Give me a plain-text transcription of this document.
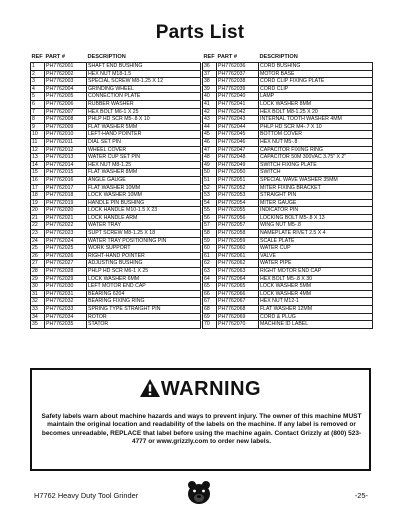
Parts List
REF	PART #	DESCRIPTION
1	PH7762001	SHAFT END BUSHING
2	PH7762002	HEX NUT M18-1.5
3	PH7762003	SPECIAL SCREW M8-1.25 X 12
4	PH7762004	GRINDING WHEEL
5	PH7762005	CONNECTION PLATE
6	PH7762006	RUBBER WASHER
7	PH7762007	HEX BOLT M6-1 X 25
8	PH7762008	PHLP HD SCR M5-.8 X 10
9	PH7762009	FLAT WASHER 5MM
10	PH7762010	LEFT-HAND POINTER
11	PH7762011	DIAL SET PIN
12	PH7762012	WHEEL COVER
13	PH7762013	WATER CUP SET PIN
14	PH7762014	HEX NUT M8-1.25
15	PH7762015	FLAT WASHER 8MM
16	PH7762016	ANGLE GAUGE
17	PH7762017	FLAT WASHER 10MM
18	PH7762018	LOCK WASHER 10MM
19	PH7762019	HANDLE PIN BUSHING
20	PH7762020	LOCK HANDLE M10-1.5 X 23
21	PH7762021	LOCK HANDLE ARM
22	PH7762022	WATER TRAY
23	PH7762023	SUPT SCREW M8-1.25 X 18
24	PH7762024	WATER TRAY POSITIONING PIN
25	PH7762025	WORK SUPPORT
26	PH7762026	RIGHT-HAND POINTER
27	PH7762027	ADJUSTING BUSHING
28	PH7762028	PHLP HD SCR M6-1 X 25
29	PH7762029	LOCK WASHER 6MM
30	PH7762030	LEFT MOTOR END CAP
31	PH7762031	BEARING 6204
32	PH7762032	BEARING FIXING RING
33	PH7762033	SPRING TYPE STRAIGHT PIN
34	PH7762034	ROTOR
35	PH7762035	STATOR
REF	PART #	DESCRIPTION
36	PH7762036	CORD BUSHING
37	PH7762037	MOTOR BASE
38	PH7762038	CORD CLIP FIXING PLATE
39	PH7762039	CORD CLIP
40	PH7762040	LAMP
41	PH7762041	LOCK WASHER 8MM
42	PH7762042	HEX BOLT M8-1.25 X 20
43	PH7762043	INTERNAL TOOTH WASHER 4MM
44	PH7762044	PHLP HD SCR M4-.7 X 10
45	PH7762045	BOTTOM COVER
46	PH7762046	HEX NUT M5-.8
47	PH7762047	CAPACITOR FIXING RING
48	PH7762048	CAPACITOR 50M 300VAC 3.75" X 2"
49	PH7762049	SWITCH FIXING PLATE
50	PH7762050	SWITCH
51	PH7762051	SPECIAL WAVE WASHER 35MM
52	PH7762052	MITER FIXING BRACKET
53	PH7762053	STRAIGHT PIN
54	PH7762054	MITER GAUGE
55	PH7762055	INDICATOR PIN
56	PH7762056	LOCKING BOLT M5-.8 X 13
57	PH7762057	WING NUT M5-.8
58	PH7762058	NAMEPLATE RIVET 2.5 X 4
59	PH7762059	SCALE PLATE
60	PH7762060	WATER CUP
61	PH7762061	VALVE
62	PH7762062	WATER PIPE
63	PH7762063	RIGHT MOTOR END CAP
64	PH7762064	HEX BOLT M5-.8 X 30
65	PH7762065	LOCK WASHER 5MM
66	PH7762066	LOCK WASHER 4MM
67	PH7762067	HEX NUT M12-1
68	PH7762068	FLAT WASHER 12MM
69	PH7762069	CORD & PLUG
70	PH7762070	MACHINE ID LABEL
WARNING
Safety labels warn about machine hazards and ways to prevent injury. The owner of this machine MUST maintain the original location and readability of the labels on the machine. If any label is removed or becomes unreadable, REPLACE that label before using the machine again. Contact Grizzly at (800) 523-4777 or www.grizzly.com to order new labels.
H7762 Heavy Duty Tool Grinder	-25-
